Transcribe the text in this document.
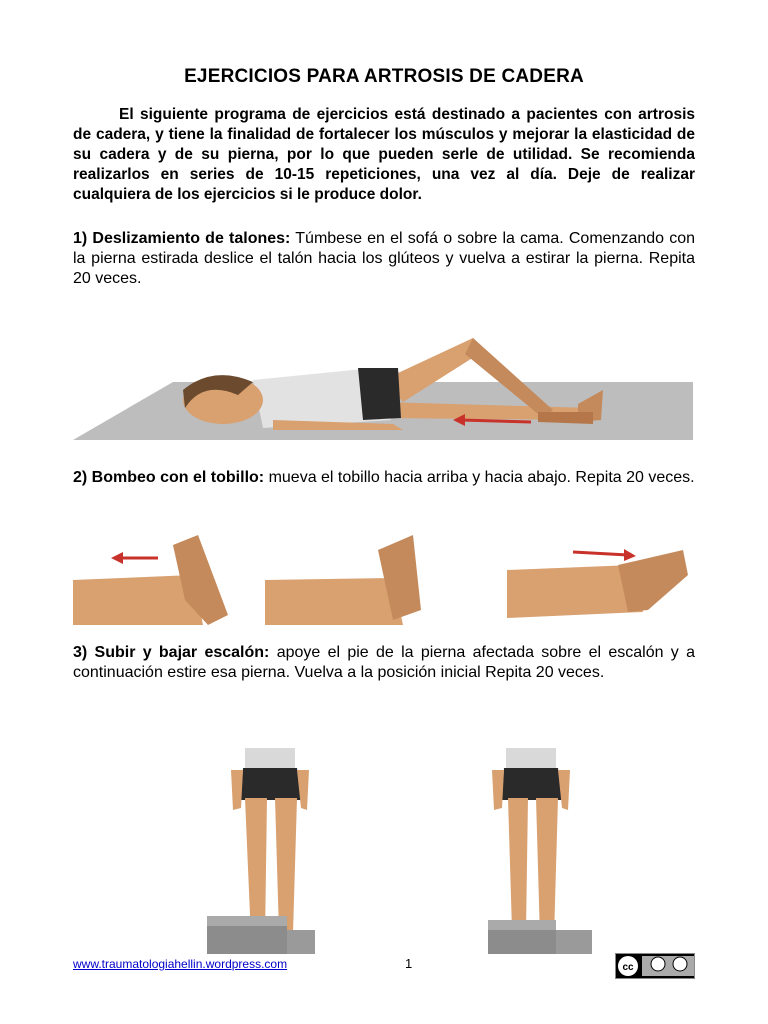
EJERCICIOS PARA ARTROSIS DE CADERA
El siguiente programa de ejercicios está destinado a pacientes con artrosis de cadera, y tiene la finalidad de fortalecer los músculos y mejorar la elasticidad de su cadera y de su pierna, por lo que pueden serle de utilidad. Se recomienda realizarlos en series de 10-15 repeticiones, una vez al día. Deje de realizar cualquiera de los ejercicios si le produce dolor.
1) Deslizamiento de talones: Túmbese en el sofá o sobre la cama. Comenzando con la pierna estirada deslice el talón hacia los glúteos y vuelva a estirar la pierna. Repita 20 veces.
2) Bombeo con el tobillo: mueva el tobillo hacia arriba y hacia abajo. Repita 20 veces.
3) Subir y bajar escalón: apoye el pie de la pierna afectada sobre el escalón y a continuación estire esa pierna. Vuelva a la posición inicial Repita 20 veces.
www.traumatologiahellin.wordpress.com	1	cc
